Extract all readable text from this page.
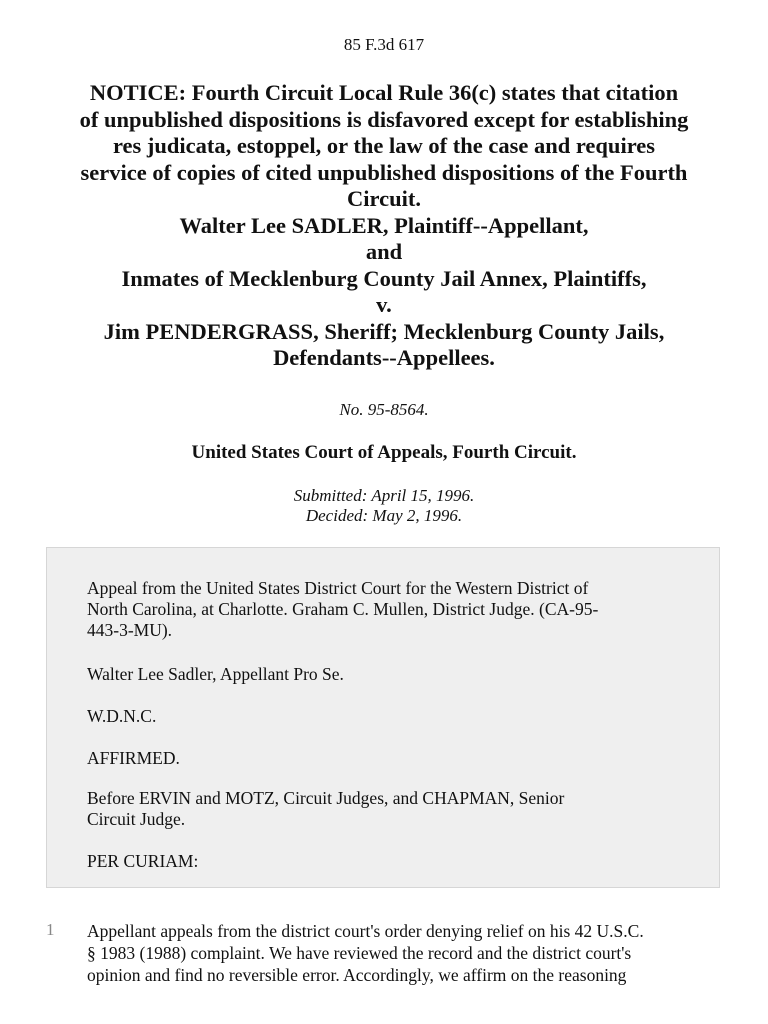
85 F.3d 617
NOTICE: Fourth Circuit Local Rule 36(c) states that citation
of unpublished dispositions is disfavored except for establishing
res judicata, estoppel, or the law of the case and requires
service of copies of cited unpublished dispositions of the Fourth
Circuit.
Walter Lee SADLER, Plaintiff--Appellant,
and
Inmates of Mecklenburg County Jail Annex, Plaintiffs,
v.
Jim PENDERGRASS, Sheriff; Mecklenburg County Jails,
Defendants--Appellees.
No. 95-8564.
United States Court of Appeals, Fourth Circuit.
Submitted: April 15, 1996.
Decided: May 2, 1996.

Appeal from the United States District Court for the Western District of
North Carolina, at Charlotte. Graham C. Mullen, District Judge. (CA-95-
443-3-MU).

Walter Lee Sadler, Appellant Pro Se.

W.D.N.C.

AFFIRMED.

Before ERVIN and MOTZ, Circuit Judges, and CHAPMAN, Senior
Circuit Judge.

PER CURIAM:

1 Appellant appeals from the district court's order denying relief on his 42 U.S.C.
§ 1983 (1988) complaint. We have reviewed the record and the district court's
opinion and find no reversible error. Accordingly, we affirm on the reasoning
